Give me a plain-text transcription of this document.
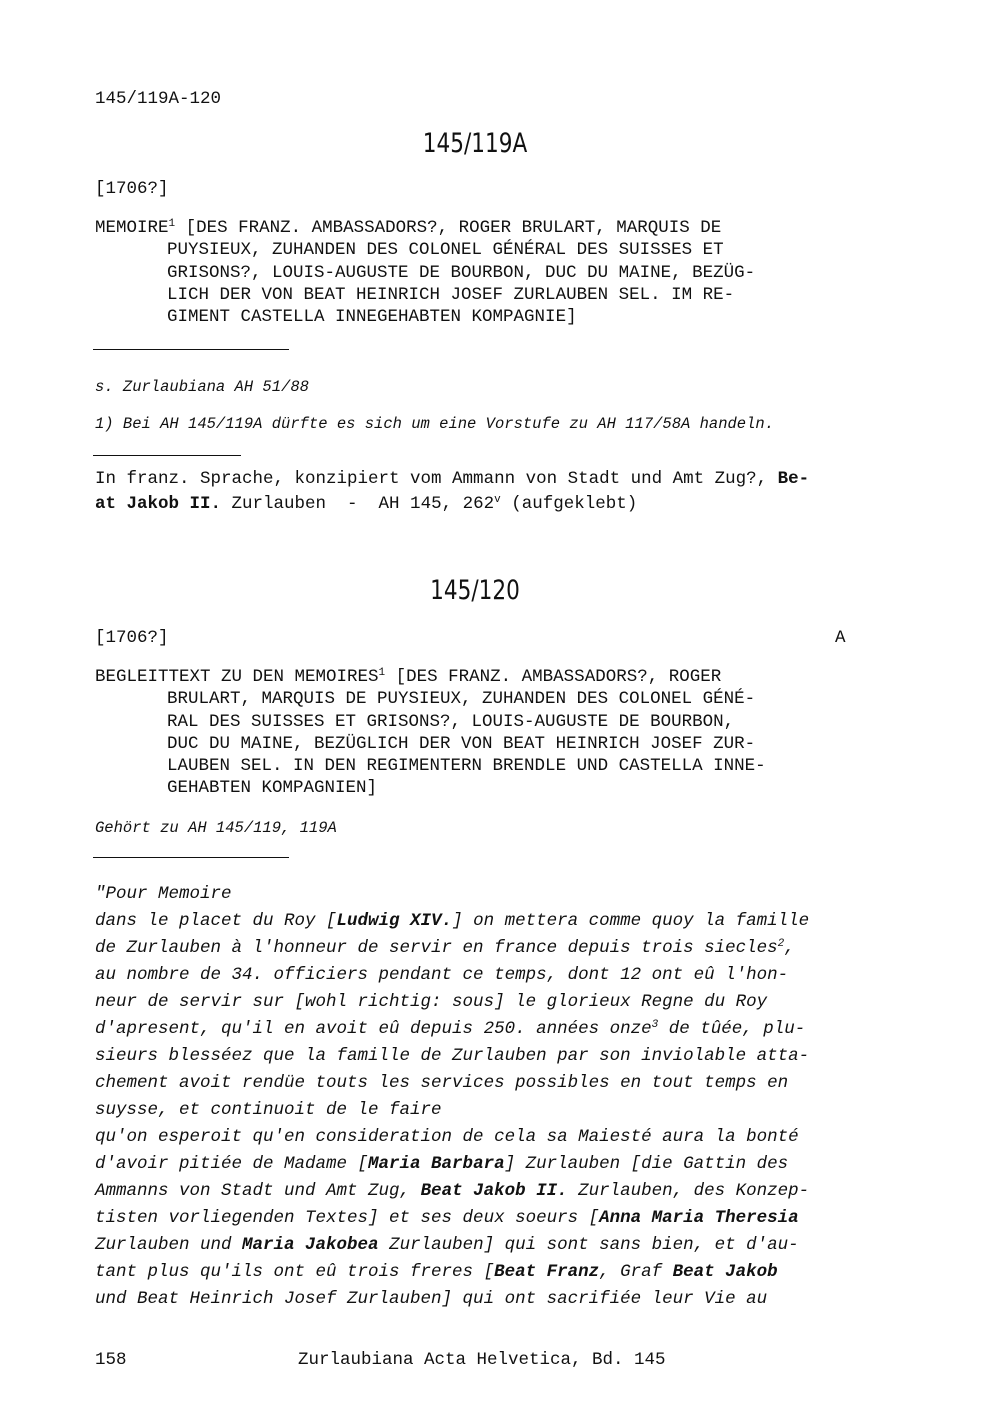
145/119A-120
145/119A
[1706?]
MEMOIRE$^1$ [DES FRANZ. AMBASSADORS?, ROGER BRULART, MARQUIS DE
PUYSIEUX, ZUHANDEN DES COLONEL GÉNÉRAL DES SUISSES ET
GRISONS?, LOUIS-AUGUSTE DE BOURBON, DUC DU MAINE, BEZÜG-
LICH DER VON BEAT HEINRICH JOSEF ZURLAUBEN SEL. IM RE-
GIMENT CASTELLA INNEGEHABTEN KOMPAGNIE]
s. Zurlaubiana AH 51/88
1) Bei AH 145/119A dürfte es sich um eine Vorstufe zu AH 117/58A handeln.
In franz. Sprache, konzipiert vom Ammann von Stadt und Amt Zug?, Be-
at Jakob II. Zurlauben  -  AH 145, 262$^v$ (aufgeklebt)
145/120
[1706?]	A
BEGLEITTEXT ZU DEN MEMOIRES$^1$ [DES FRANZ. AMBASSADORS?, ROGER
BRULART, MARQUIS DE PUYSIEUX, ZUHANDEN DES COLONEL GÉNÉ-
RAL DES SUISSES ET GRISONS?, LOUIS-AUGUSTE DE BOURBON,
DUC DU MAINE, BEZÜGLICH DER VON BEAT HEINRICH JOSEF ZUR-
LAUBEN SEL. IN DEN REGIMENTERN BRENDLE UND CASTELLA INNE-
GEHABTEN KOMPAGNIEN]
Gehört zu AH 145/119, 119A
"Pour Memoire
dans le placet du Roy [Ludwig XIV.] on mettera comme quoy la famille
de Zurlauben à l'honneur de servir en france depuis trois siecles$^2$,
au nombre de 34. officiers pendant ce temps, dont 12 ont eû l'hon-
neur de servir sur [wohl richtig: sous] le glorieux Regne du Roy
d'apresent, qu'il en avoit eû depuis 250. années onze$^3$ de tûée, plu-
sieurs blesséez que la famille de Zurlauben par son inviolable atta-
chement avoit rendüe touts les services possibles en tout temps en
suysse, et continuoit de le faire
qu'on esperoit qu'en consideration de cela sa Maiesté aura la bonté
d'avoir pitiée de Madame [Maria Barbara] Zurlauben [die Gattin des
Ammanns von Stadt und Amt Zug, Beat Jakob II. Zurlauben, des Konzep-
tisten vorliegenden Textes] et ses deux soeurs [Anna Maria Theresia
Zurlauben und Maria Jakobea Zurlauben] qui sont sans bien, et d'au-
tant plus qu'ils ont eû trois freres [Beat Franz, Graf Beat Jakob
und Beat Heinrich Josef Zurlauben] qui ont sacrifiée leur Vie au
158	Zurlaubiana Acta Helvetica, Bd. 145
